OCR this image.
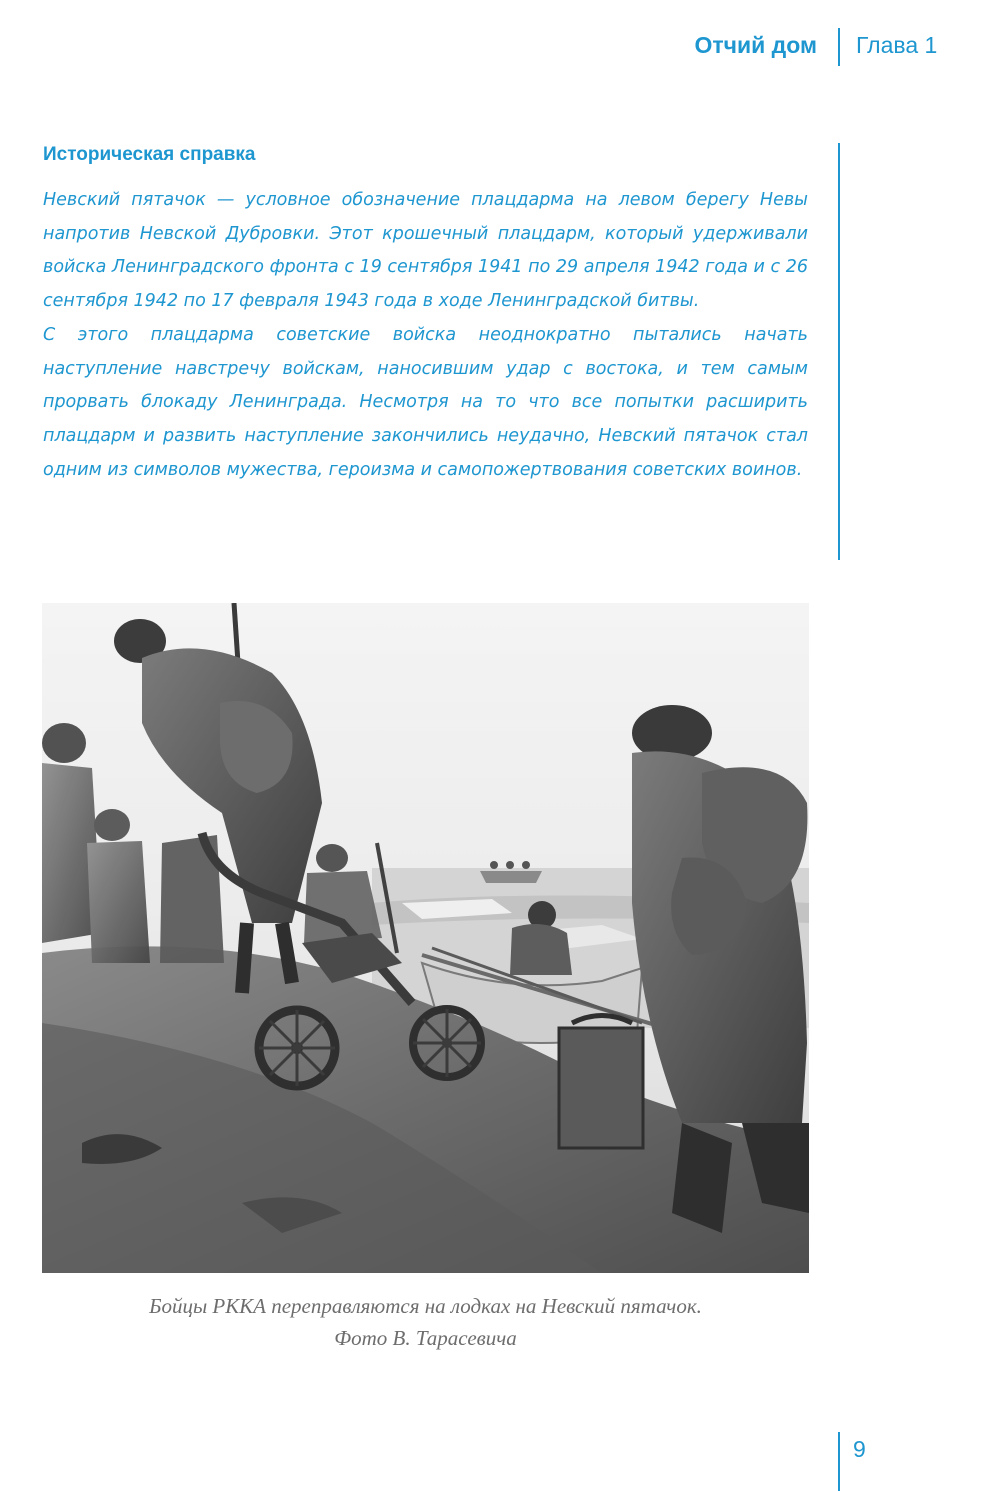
Отчий дом Глава 1
Историческая справка

Невский пятачок — условное обозначение плацдарма на левом берегу Невы напротив Невской Дубровки. Этот крошечный плацдарм, который удерживали войска Ленинградского фронта с 19 сентября 1941 по 29 апреля 1942 года и с 26 сентября 1942 по 17 февраля 1943 года в ходе Ленинградской битвы.

С этого плацдарма советские войска неоднократно пытались начать наступление навстречу войскам, наносившим удар с востока, и тем самым прорвать блокаду Ленинграда. Несмотря на то что все попытки расширить плацдарм и развить наступление закончились неудачно, Невский пятачок стал одним из символов мужества, героизма и самопожертвования советских воинов.

Бойцы РККА переправляются на лодках на Невский пятачок.
Фото В. Тарасевича
9
